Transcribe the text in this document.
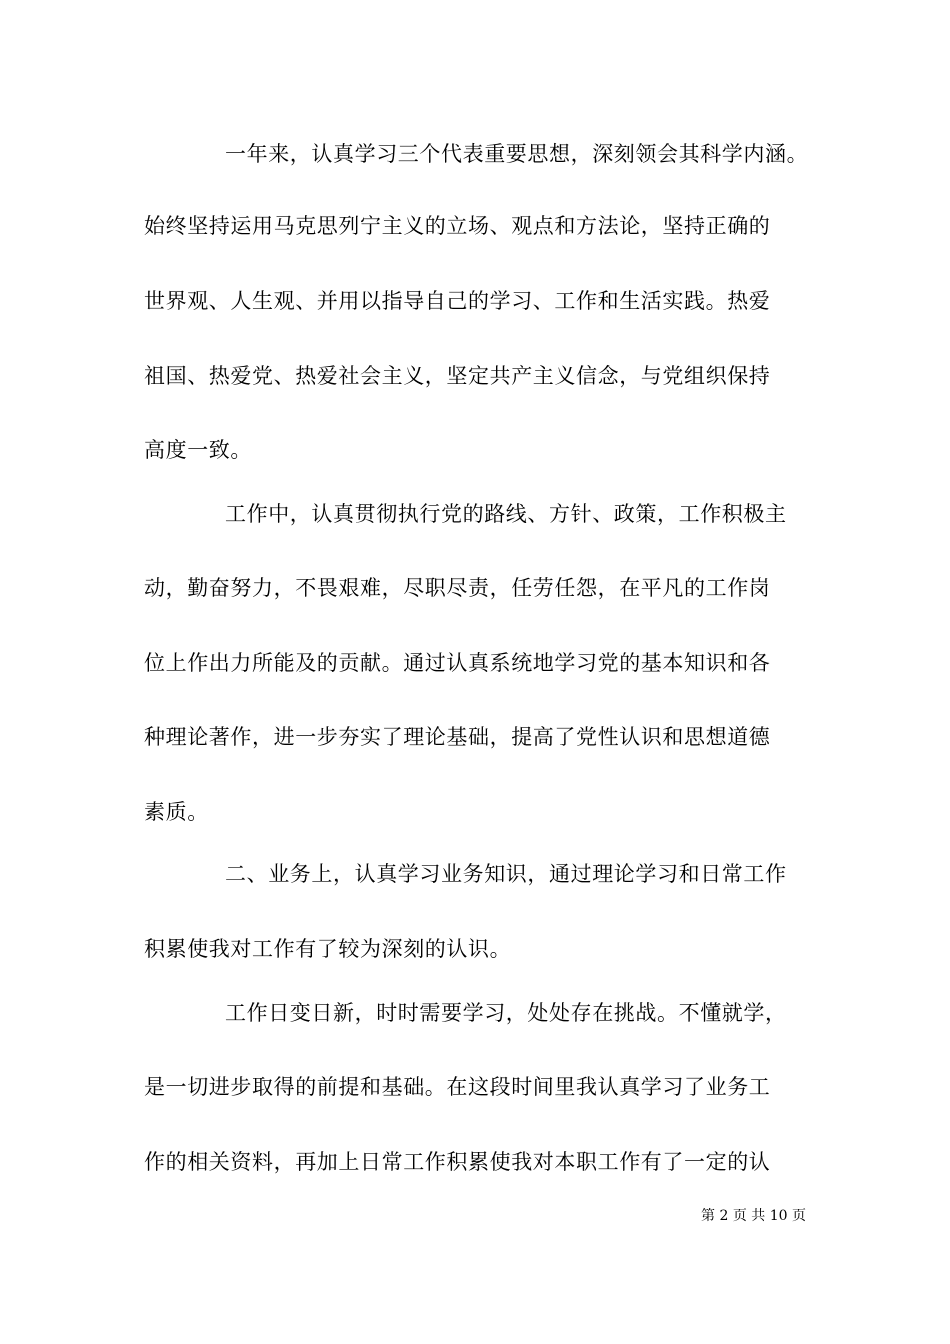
一年来，认真学习三个代表重要思想，深刻领会其科学内涵。
始终坚持运用马克思列宁主义的立场、观点和方法论，坚持正确的
世界观、人生观、并用以指导自己的学习、工作和生活实践。热爱
祖国、热爱党、热爱社会主义，坚定共产主义信念，与党组织保持
高度一致。
工作中，认真贯彻执行党的路线、方针、政策，工作积极主
动，勤奋努力，不畏艰难，尽职尽责，任劳任怨，在平凡的工作岗
位上作出力所能及的贡献。通过认真系统地学习党的基本知识和各
种理论著作，进一步夯实了理论基础，提高了党性认识和思想道德
素质。
二、业务上，认真学习业务知识，通过理论学习和日常工作
积累使我对工作有了较为深刻的认识。
工作日变日新，时时需要学习，处处存在挑战。不懂就学，
是一切进步取得的前提和基础。在这段时间里我认真学习了业务工
作的相关资料，再加上日常工作积累使我对本职工作有了一定的认
第 2 页 共 10 页
